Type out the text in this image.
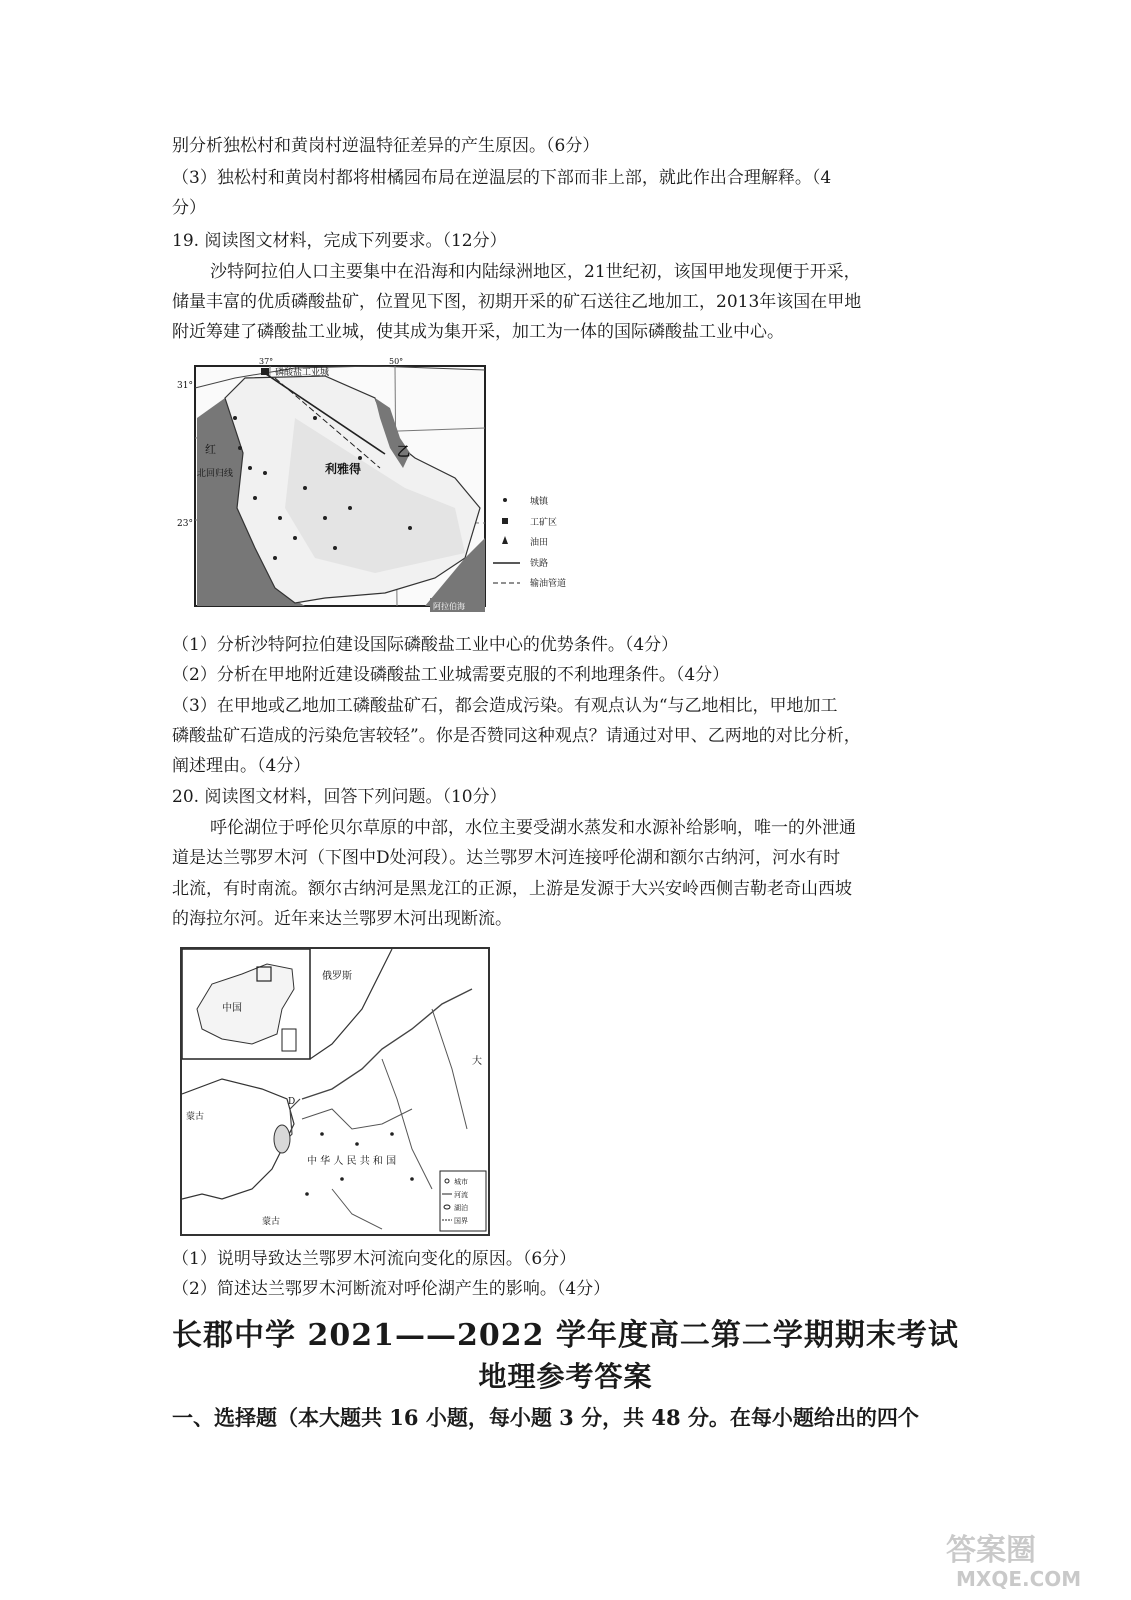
别分析独松村和黄岗村逆温特征差异的产生原因。（6分）
（3）独松村和黄岗村都将柑橘园布局在逆温层的下部而非上部，就此作出合理解释。（4
分）
19. 阅读图文材料，完成下列要求。（12分）
沙特阿拉伯人口主要集中在沿海和内陆绿洲地区，21世纪初，该国甲地发现便于开采，
储量丰富的优质磷酸盐矿，位置见下图，初期开采的矿石送往乙地加工，2013年该国在甲地
附近筹建了磷酸盐工业城，使其成为集开采，加工为一体的国际磷酸盐工业中心。
磷酸盐工业城
利雅得
红
北回归线
乙
31°
23°
37°	50°
阿拉伯海
城镇
工矿区
油田
铁路
输油管道
（1）分析沙特阿拉伯建设国际磷酸盐工业中心的优势条件。（4分）
（2）分析在甲地附近建设磷酸盐工业城需要克服的不利地理条件。（4分）
（3）在甲地或乙地加工磷酸盐矿石，都会造成污染。有观点认为“与乙地相比，甲地加工
磷酸盐矿石造成的污染危害较轻”。你是否赞同这种观点？请通过对甲、乙两地的对比分析，
阐述理由。（4分）
20. 阅读图文材料，回答下列问题。（10分）
呼伦湖位于呼伦贝尔草原的中部，水位主要受湖水蒸发和水源补给影响，唯一的外泄通
道是达兰鄂罗木河（下图中D处河段）。达兰鄂罗木河连接呼伦湖和额尔古纳河，河水有时
北流，有时南流。额尔古纳河是黑龙江的正源，上游是发源于大兴安岭西侧吉勒老奇山西坡
的海拉尔河。近年来达兰鄂罗木河出现断流。
中国
俄罗斯
蒙古
蒙古
中 华 人 民 共 和 国
大
D
城市
河流
湖泊
国界
（1）说明导致达兰鄂罗木河流向变化的原因。（6分）
（2）简述达兰鄂罗木河断流对呼伦湖产生的影响。（4分）
长郡中学 2021——2022 学年度高二第二学期期末考试
地理参考答案
一、选择题（本大题共 16 小题，每小题 3 分，共 48 分。在每小题给出的四个
答案圈
MXQE.COM
